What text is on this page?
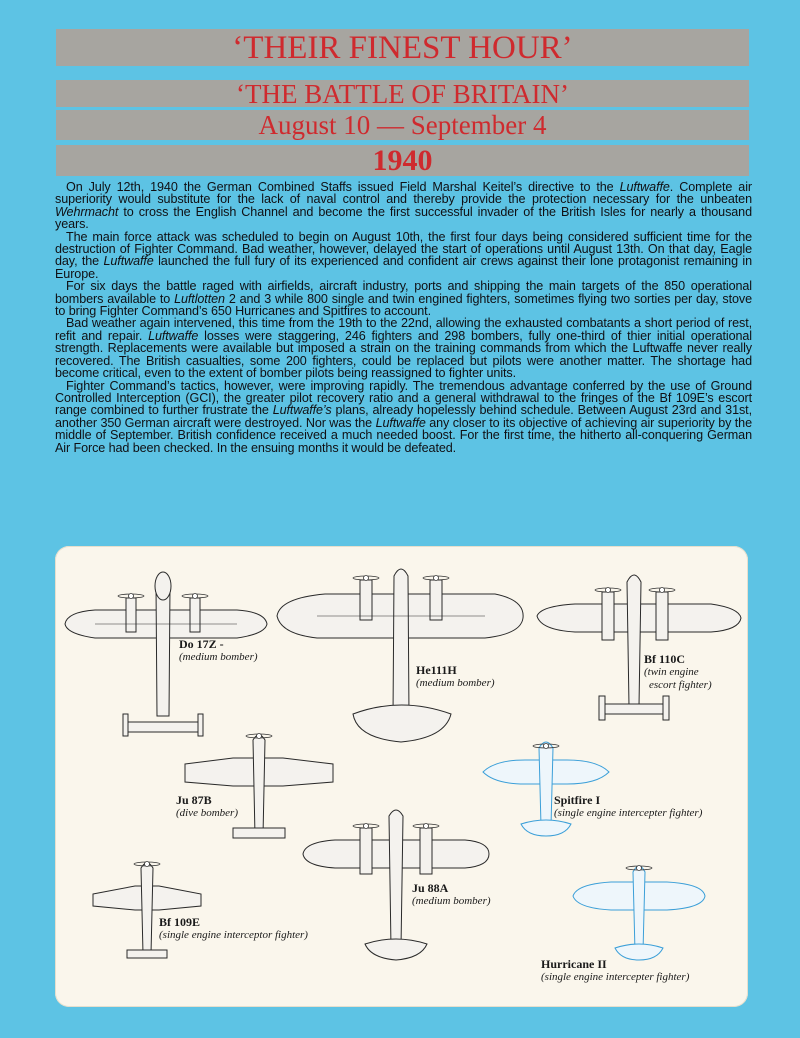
‘THEIR FINEST HOUR’
‘THE BATTLE OF BRITAIN’
August 10 — September 4
1940

On July 12th, 1940 the German Combined Staffs issued Field Marshal Keitel’s directive to the Luftwaffe. Complete air superiority would substitute for the lack of naval control and thereby provide the protection necessary for the unbeaten Wehrmacht to cross the English Channel and become the first successful invader of the British Isles for nearly a thousand years.

The main force attack was scheduled to begin on August 10th, the first four days being considered sufficient time for the destruction of Fighter Command. Bad weather, however, delayed the start of operations until August 13th. On that day, Eagle day, the Luftwaffe launched the full fury of its experienced and confident air crews against their lone protagonist remaining in Europe.

For six days the battle raged with airfields, aircraft industry, ports and shipping the main targets of the 850 operational bombers available to Luftlotten 2 and 3 while 800 single and twin engined fighters, sometimes flying two sorties per day, stove to bring Fighter Command’s 650 Hurricanes and Spitfires to account.

Bad weather again intervened, this time from the 19th to the 22nd, allowing the exhausted combatants a short period of rest, refit and repair. Luftwaffe losses were staggering, 246 fighters and 298 bombers, fully one-third of thier initial operational strength. Replacements were available but imposed a strain on the training commands from which the Luftwaffe never really recovered. The British casualties, some 200 fighters, could be replaced but pilots were another matter. The shortage had become critical, even to the extent of bomber pilots being reassigned to fighter units.

Fighter Command’s tactics, however, were improving rapidly. The tremendous advantage conferred by the use of Ground Controlled Interception (GCI), the greater pilot recovery ratio and a general withdrawal to the fringes of the Bf 109E’s escort range combined to further frustrate the Luftwaffe’s plans, already hopelessly behind schedule. Between August 23rd and 31st, another 350 German aircraft were destroyed. Nor was the Luftwaffe any closer to its objective of achieving air superiority by the middle of September. British confidence received a much needed boost. For the first time, the hitherto all-conquering German Air Force had been checked. In the ensuing months it would be defeated.

Do 17Z -
(medium bomber)
He111H
(medium bomber)
Bf 110C
(twin engine
escort fighter)
Ju 87B
(dive bomber)
Spitfire I
(single engine intercepter fighter)
Ju 88A
(medium bomber)
Bf 109E
(single engine interceptor fighter)
Hurricane II
(single engine intercepter fighter)
